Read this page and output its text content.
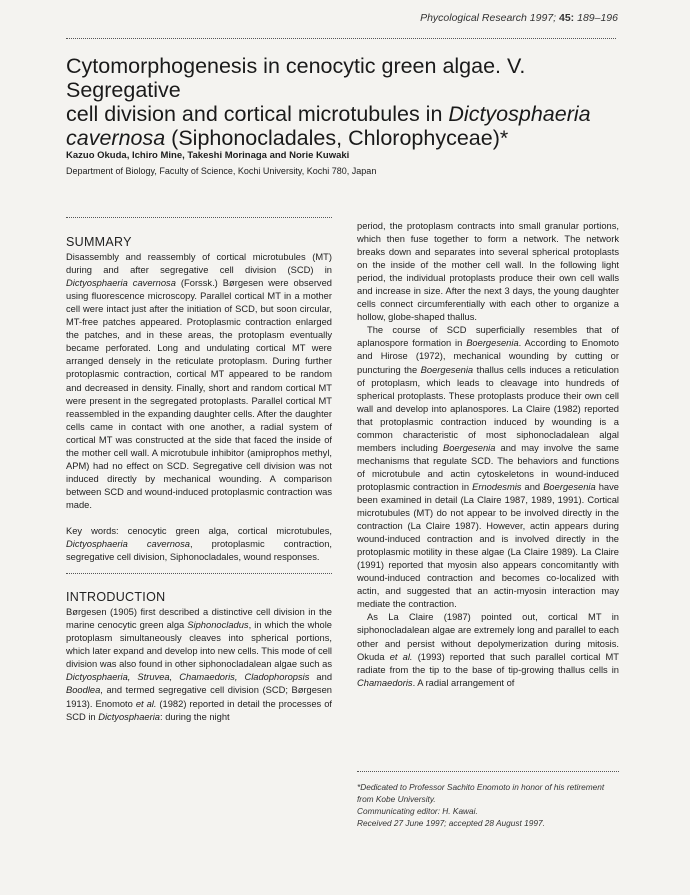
Phycological Research 1997; 45: 189–196
Cytomorphogenesis in cenocytic green algae. V. Segregative
cell division and cortical microtubules in Dictyosphaeria
cavernosa (Siphonocladales, Chlorophyceae)*
Kazuo Okuda, Ichiro Mine, Takeshi Morinaga and Norie Kuwaki
Department of Biology, Faculty of Science, Kochi University, Kochi 780, Japan
SUMMARY

Disassembly and reassembly of cortical microtubules (MT) during and after segregative cell division (SCD) in Dictyosphaeria cavernosa (Forssk.) Børgesen were observed using fluorescence microscopy. Parallel cortical MT in a mother cell were intact just after the initiation of SCD, but soon circular, MT-free patches appeared. Protoplasmic contraction enlarged the patches, and in these areas, the protoplasm eventually became perforated. Long and undulating cortical MT were arranged densely in the reticulate protoplasm. During further protoplasmic contraction, cortical MT appeared to be random and decreased in density. Finally, short and random cortical MT were present in the segregated protoplasts. Parallel cortical MT reassembled in the expanding daughter cells. After the daughter cells came in contact with one another, a radial system of cortical MT was constructed at the side that faced the inside of the mother cell wall. A microtubule inhibitor (amiprophos methyl, APM) had no effect on SCD. Segregative cell division was not induced directly by mechanical wounding. A comparison between SCD and wound-induced protoplasmic contraction was made.

Key words: cenocytic green alga, cortical microtubules, Dictyosphaeria cavernosa, protoplasmic contraction, segregative cell division, Siphonocladales, wound responses.

INTRODUCTION

Børgesen (1905) first described a distinctive cell division in the marine cenocytic green alga Siphonocladus, in which the whole protoplasm simultaneously cleaves into spherical portions, which later expand and develop into new cells. This mode of cell division was also found in other siphonocladalean algae such as Dictyosphaeria, Struvea, Chamaedoris, Cladophoropsis and Boodlea, and termed segregative cell division (SCD; Børgesen 1913). Enomoto et al. (1982) reported in detail the processes of SCD in Dictyosphaeria: during the night

period, the protoplasm contracts into small granular portions, which then fuse together to form a network. The network breaks down and separates into several spherical protoplasts on the inside of the mother cell wall. In the following light period, the individual protoplasts produce their own cell walls and increase in size. After the next 3 days, the young daughter cells connect circumferentially with each other to organize a hollow, globe-shaped thallus.

The course of SCD superficially resembles that of aplanospore formation in Boergesenia. According to Enomoto and Hirose (1972), mechanical wounding by cutting or puncturing the Boergesenia thallus cells induces a reticulation of protoplasm, which leads to cleavage into hundreds of spherical protoplasts. These protoplasts produce their own cell wall and develop into aplanospores. La Claire (1982) reported that protoplasmic contraction induced by wounding is a common characteristic of most siphonocladalean algal members including Boergesenia and may involve the same mechanisms that regulate SCD. The behaviors and functions of microtubule and actin cytoskeletons in wound-induced protoplasmic contraction in Ernodesmis and Boergesenia have been examined in detail (La Claire 1987, 1989, 1991). Cortical microtubules (MT) do not appear to be involved directly in the contraction (La Claire 1987). However, actin appears during wound-induced contraction and is involved directly in the protoplasmic motility in these algae (La Claire 1989). La Claire (1991) reported that myosin also appears concomitantly with wound-induced contraction and becomes co-localized with actin, and suggested that an actin-myosin interaction may mediate the contraction.

As La Claire (1987) pointed out, cortical MT in siphonocladalean algae are extremely long and parallel to each other and persist without depolymerization during mitosis. Okuda et al. (1993) reported that such parallel cortical MT radiate from the tip to the base of tip-growing thallus cells in Chamaedoris. A radial arrangement of

*Dedicated to Professor Sachito Enomoto in honor of his retirement from Kobe University.
Communicating editor: H. Kawai.
Received 27 June 1997; accepted 28 August 1997.
